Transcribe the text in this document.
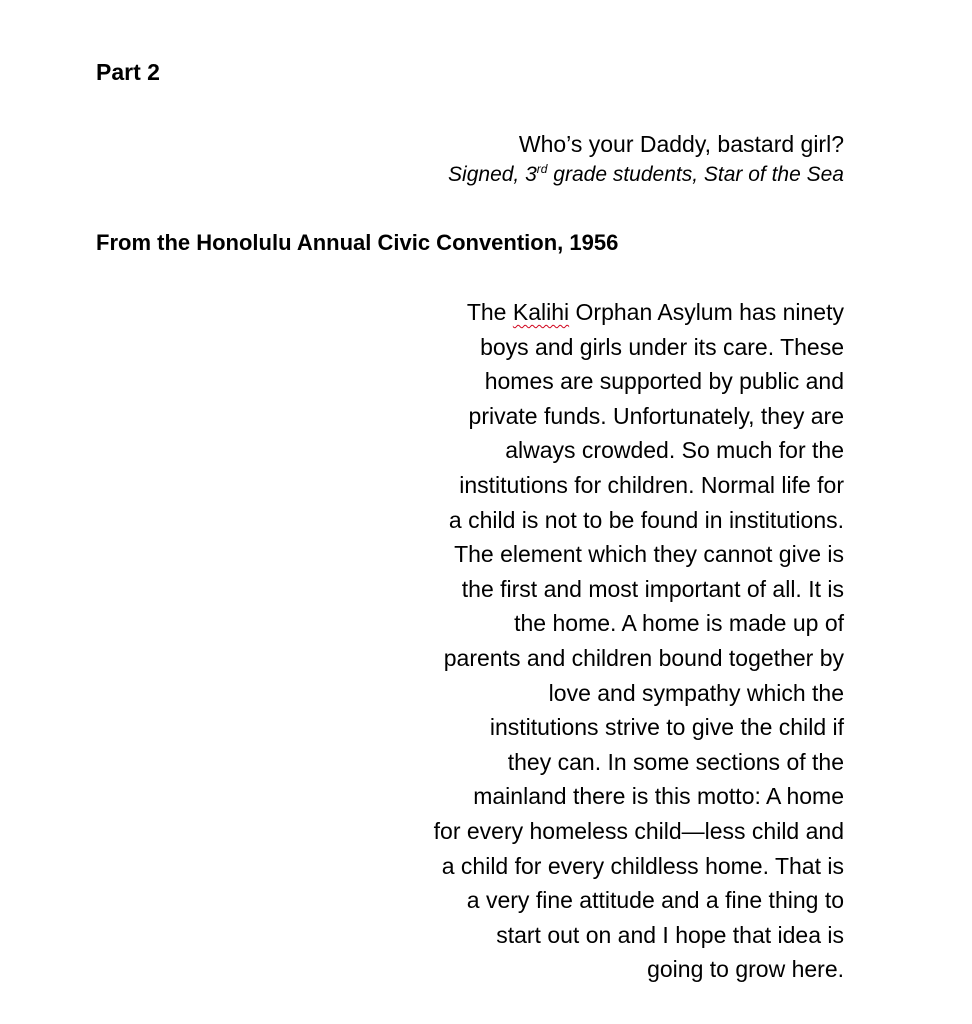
Part 2
Who’s your Daddy, bastard girl?
Signed, 3rd grade students, Star of the Sea
From the Honolulu Annual Civic Convention, 1956
The Kalihi Orphan Asylum has ninety
boys and girls under its care. These
homes are supported by public and
private funds. Unfortunately, they are
always crowded. So much for the
institutions for children. Normal life for
a child is not to be found in institutions.
The element which they cannot give is
the first and most important of all. It is
the home. A home is made up of
parents and children bound together by
love and sympathy which the
institutions strive to give the child if
they can. In some sections of the
mainland there is this motto: A home
for every homeless child—less child and
a child for every childless home. That is
a very fine attitude and a fine thing to
start out on and I hope that idea is
going to grow here.
